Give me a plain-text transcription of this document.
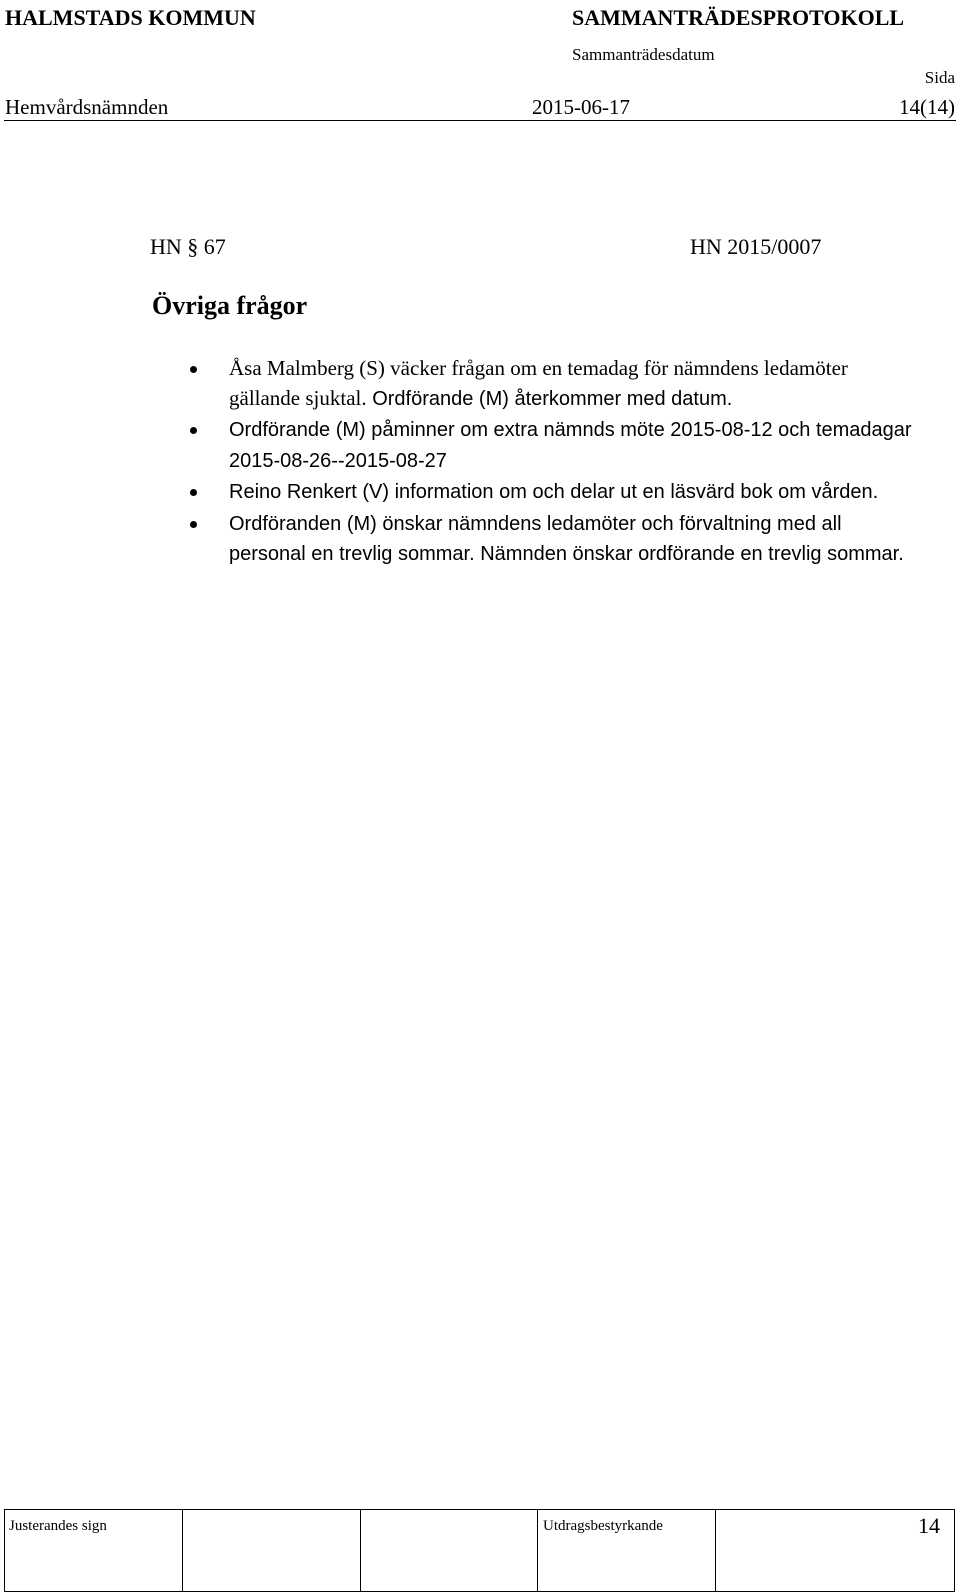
HALMSTADS KOMMUN	SAMMANTRÄDESPROTOKOLL
Sammanträdesdatum
Sida
Hemvårdsnämnden	2015-06-17	14(14)
HN § 67	HN 2015/0007
Övriga frågor
Åsa Malmberg (S) väcker frågan om en temadag för nämndens ledamöter gällande sjuktal. Ordförande (M) återkommer med datum.
Ordförande (M) påminner om extra nämnds möte 2015-08-12 och temadagar 2015-08-26--2015-08-27
Reino Renkert (V) information om och delar ut en läsvärd bok om vården.
Ordföranden (M) önskar nämndens ledamöter och förvaltning med all personal en trevlig sommar. Nämnden önskar ordförande en trevlig sommar.
Justerandes sign	Utdragsbestyrkande	14
